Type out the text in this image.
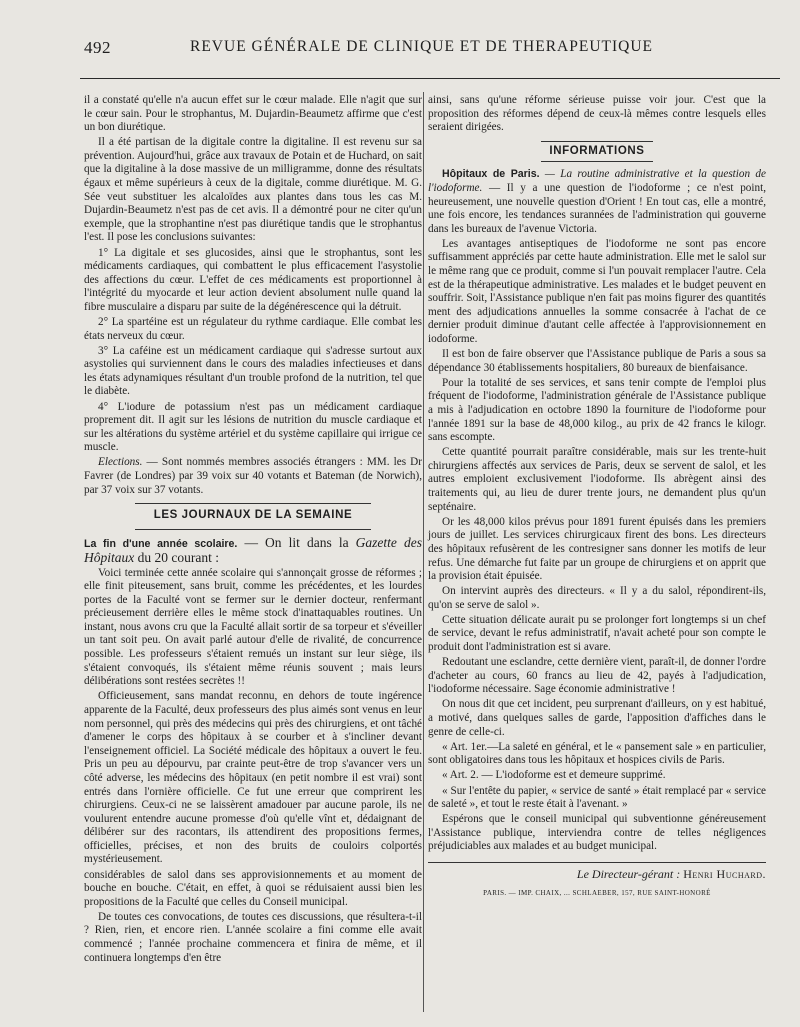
492	REVUE GÉNÉRALE DE CLINIQUE ET DE THERAPEUTIQUE

il a constaté qu'elle n'a aucun effet sur le cœur malade. Elle n'agit que sur le cœur sain. Pour le strophantus, M. Dujardin-Beaumetz affirme que c'est un bon diurétique.

Il a été partisan de la digitale contre la digitaline. Il est revenu sur sa prévention. Aujourd'hui, grâce aux travaux de Potain et de Huchard, on sait que la digitaline à la dose massive de un milligramme, donne des résultats égaux et même supérieurs à ceux de la digitale, comme diurétique. M. G. Sée veut substituer les alcaloïdes aux plantes dans tous les cas M. Dujardin-Beaumetz n'est pas de cet avis. Il a démontré pour ne citer qu'un exemple, que la strophantine n'est pas diurétique tandis que le strophantus l'est. Il pose les conclusions suivantes:

1° La digitale et ses glucosides, ainsi que le strophantus, sont les médicaments cardiaques, qui combattent le plus efficacement l'asystolie des affections du cœur. L'effet de ces médicaments est proportionnel à l'intégrité du myocarde et leur action devient absolument nulle quand la fibre musculaire a disparu par suite de la dégénérescence qui la détruit.

2° La spartéine est un régulateur du rythme cardiaque. Elle combat les états nerveux du cœur.

3° La caféine est un médicament cardiaque qui s'adresse surtout aux asystolies qui surviennent dans le cours des maladies infectieuses et dans les états adynamiques résultant d'un trouble profond de la nutrition, tel que le diabète.

4° L'iodure de potassium n'est pas un médicament cardiaque proprement dit. Il agit sur les lésions de nutrition du muscle cardiaque et sur les altérations du système artériel et du système capillaire qui irrigue ce muscle.

Elections. — Sont nommés membres associés étrangers : MM. les Dr Favrer (de Londres) par 39 voix sur 40 votants et Bateman (de Norwich), par 37 voix sur 37 votants.

LES JOURNAUX DE LA SEMAINE

La fin d'une année scolaire. — On lit dans la Gazette des Hôpitaux du 20 courant :

Voici terminée cette année scolaire qui s'annonçait grosse de réformes ; elle finit piteusement, sans bruit, comme les précédentes, et les lourdes portes de la Faculté vont se fermer sur le dernier docteur, renfermant précieusement derrière elles le même stock d'inattaquables routines. Un instant, nous avons cru que la Faculté allait sortir de sa torpeur et s'éveiller un tant soit peu. On avait parlé autour d'elle de rivalité, de concurrence possible. Les professeurs s'étaient remués un instant sur leur siège, ils s'étaient convoqués, ils s'étaient même réunis souvent ; mais leurs délibérations sont restées secrètes !!

Officieusement, sans mandat reconnu, en dehors de toute ingérence apparente de la Faculté, deux professeurs des plus aimés sont venus en leur nom personnel, qui près des médecins qui près des chirurgiens, et ont tâché d'amener le corps des hôpitaux à se courber et à s'incliner devant l'enseignement officiel. La Société médicale des hôpitaux a ouvert le feu. Pris un peu au dépourvu, par crainte peut-être de trop s'avancer vers un côté adverse, les médecins des hôpitaux (en petit nombre il est vrai) sont entrés dans l'ornière officielle. Ce fut une erreur que comprirent les chirurgiens. Ceux-ci ne se laissèrent amadouer par aucune parole, ils ne voulurent entendre aucune promesse d'où qu'elle vînt et, dédaignant de délibérer sur des racontars, ils attendirent des propositions fermes, officielles, précises, et non des bruits de couloirs colportés mystérieusement.

considérables de salol dans ses approvisionnements et au moment de bouche en bouche. C'était, en effet, à quoi se réduisaient aussi bien les propositions de la Faculté que celles du Conseil municipal.

De toutes ces convocations, de toutes ces discussions, que résultera-t-il ? Rien, rien, et encore rien. L'année scolaire a fini comme elle avait commencé ; l'année prochaine commencera et finira de même, et il continuera longtemps d'en être

ainsi, sans qu'une réforme sérieuse puisse voir jour. C'est que la proposition des réformes dépend de ceux-là mêmes contre lesquels elles seraient dirigées.

INFORMATIONS

Hôpitaux de Paris. — La routine administrative et la question de l'iodoforme. — Il y a une question de l'iodoforme ; ce n'est point, heureusement, une nouvelle question d'Orient ! En tout cas, elle a montré, une fois encore, les tendances surannées de l'administration qui gouverne dans les bureaux de l'avenue Victoria.

Les avantages antiseptiques de l'iodoforme ne sont pas encore suffisamment appréciés par cette haute administration. Elle met le salol sur le même rang que ce produit, comme si l'un pouvait remplacer l'autre. Cela est de la thérapeutique administrative. Les malades et le budget peuvent en souffrir. Soit, l'Assistance publique n'en fait pas moins figurer des quantités ment des adjudications annuelles la somme consacrée à l'achat de ce dernier produit diminue d'autant celle affectée à l'approvisionnement en iodoforme.

Il est bon de faire observer que l'Assistance publique de Paris a sous sa dépendance 30 établissements hospitaliers, 80 bureaux de bienfaisance.

Pour la totalité de ses services, et sans tenir compte de l'emploi plus fréquent de l'iodoforme, l'administration générale de l'Assistance publique a mis à l'adjudication en octobre 1890 la fourniture de l'iodoforme pour l'année 1891 sur la base de 48,000 kilog., au prix de 42 francs le kilogr. sans escompte.

Cette quantité pourrait paraître considérable, mais sur les trente-huit chirurgiens affectés aux services de Paris, deux se servent de salol, et les autres emploient exclusivement l'iodoforme. Ils abrègent ainsi des traitements qui, au lieu de durer trente jours, ne demandent plus qu'un septénaire.

Or les 48,000 kilos prévus pour 1891 furent épuisés dans les premiers jours de juillet. Les services chirurgicaux firent des bons. Les directeurs des hôpitaux refusèrent de les contresigner sans donner les motifs de leur refus. Une démarche fut faite par un groupe de chirurgiens et on apprit que la provision était épuisée.

On intervint auprès des directeurs. « Il y a du salol, répondirent-ils, qu'on se serve de salol ».

Cette situation délicate aurait pu se prolonger fort longtemps si un chef de service, devant le refus administratif, n'avait acheté pour son compte le produit dont l'administration est si avare.

Redoutant une esclandre, cette dernière vient, paraît-il, de donner l'ordre d'acheter au cours, 60 francs au lieu de 42, payés à l'adjudication, l'iodoforme nécessaire. Sage économie administrative !

On nous dit que cet incident, peu surprenant d'ailleurs, on y est habitué, a motivé, dans quelques salles de garde, l'apposition d'affiches dans le genre de celle-ci.

« Art. 1er.—La saleté en général, et le « pansement sale » en particulier, sont obligatoires dans tous les hôpitaux et hospices civils de Paris.

« Art. 2. — L'iodoforme est et demeure supprimé.

« Sur l'entête du papier, « service de santé » était remplacé par « service de saleté », et tout le reste était à l'avenant. »

Espérons que le conseil municipal qui subventionne généreusement l'Assistance publique, interviendra contre de telles négligences préjudiciables aux malades et au budget municipal.

Le Directeur-gérant : Henri Huchard.
PARIS. — IMP. CHAIX, ... SCHLAEBER, 157, RUE SAINT-HONORÉ
